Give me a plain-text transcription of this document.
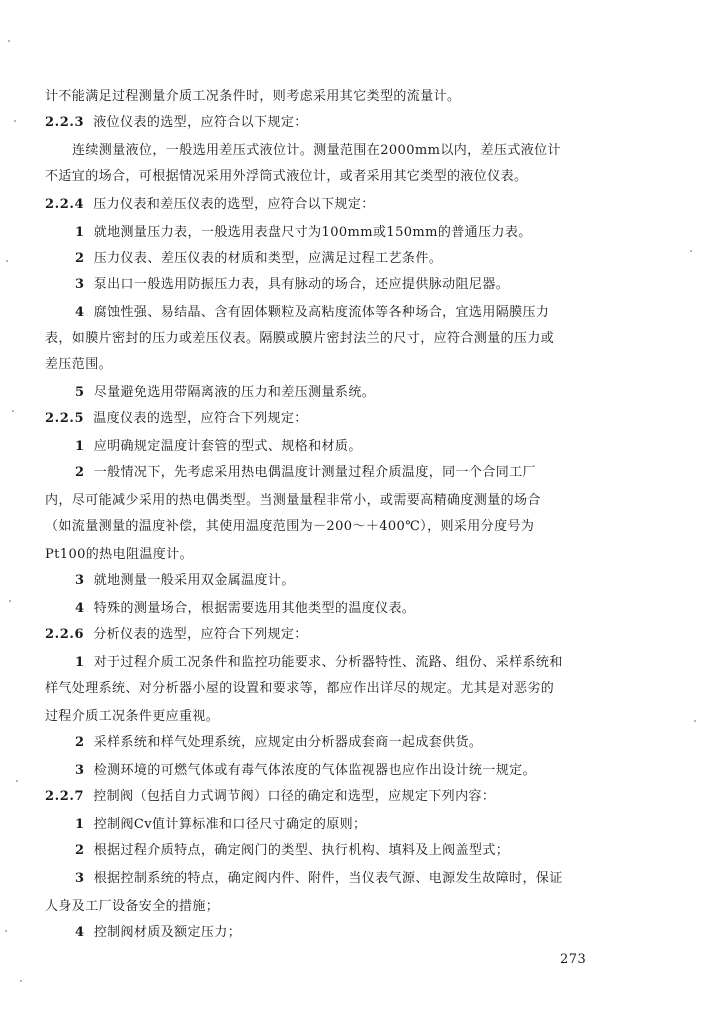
计不能满足过程测量介质工况条件时，则考虑采用其它类型的流量计。
2.2.3 液位仪表的选型，应符合以下规定：
连续测量液位，一般选用差压式液位计。测量范围在2000mm以内，差压式液位计
不适宜的场合，可根据情况采用外浮筒式液位计，或者采用其它类型的液位仪表。
2.2.4 压力仪表和差压仪表的选型，应符合以下规定：
1 就地测量压力表，一般选用表盘尺寸为100mm或150mm的普通压力表。
2 压力仪表、差压仪表的材质和类型，应满足过程工艺条件。
3 泵出口一般选用防振压力表，具有脉动的场合，还应提供脉动阻尼器。
4 腐蚀性强、易结晶、含有固体颗粒及高粘度流体等各种场合，宜选用隔膜压力
表，如膜片密封的压力或差压仪表。隔膜或膜片密封法兰的尺寸，应符合测量的压力或
差压范围。
5 尽量避免选用带隔离液的压力和差压测量系统。
2.2.5 温度仪表的选型，应符合下列规定：
1 应明确规定温度计套管的型式、规格和材质。
2 一般情况下，先考虑采用热电偶温度计测量过程介质温度，同一个合同工厂
内，尽可能减少采用的热电偶类型。当测量量程非常小，或需要高精确度测量的场合
（如流量测量的温度补偿，其使用温度范围为－200～＋400℃），则采用分度号为
Pt100的热电阻温度计。
3 就地测量一般采用双金属温度计。
4 特殊的测量场合，根据需要选用其他类型的温度仪表。
2.2.6 分析仪表的选型，应符合下列规定：
1 对于过程介质工况条件和监控功能要求、分析器特性、流路、组份、采样系统和
样气处理系统、对分析器小屋的设置和要求等，都应作出详尽的规定。尤其是对恶劣的
过程介质工况条件更应重视。
2 采样系统和样气处理系统，应规定由分析器成套商一起成套供货。
3 检测环境的可燃气体或有毒气体浓度的气体监视器也应作出设计统一规定。
2.2.7 控制阀（包括自力式调节阀）口径的确定和选型，应规定下列内容：
1 控制阀Cv值计算标准和口径尺寸确定的原则；
2 根据过程介质特点，确定阀门的类型、执行机构、填料及上阀盖型式；
3 根据控制系统的特点，确定阀内件、附件，当仪表气源、电源发生故障时，保证
人身及工厂设备安全的措施；
4 控制阀材质及额定压力；
273
